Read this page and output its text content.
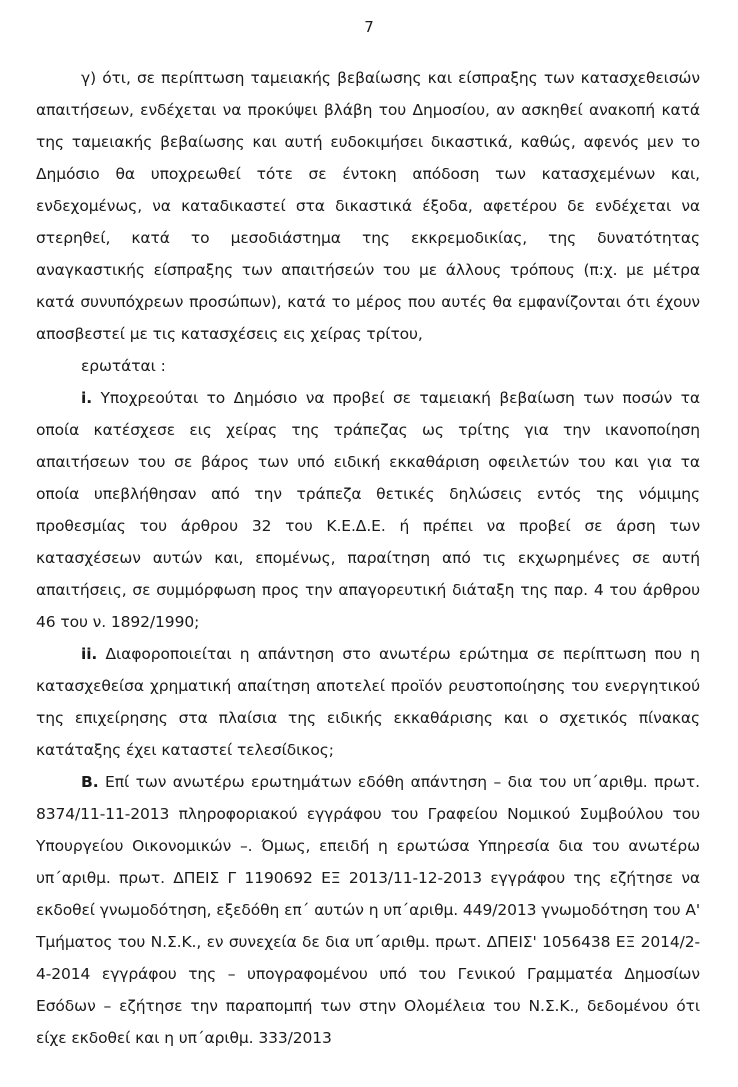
7

γ) ότι, σε περίπτωση ταμειακής βεβαίωσης και είσπραξης των κατασχεθεισών απαιτήσεων, ενδέχεται να προκύψει βλάβη του Δημοσίου, αν ασκηθεί ανακοπή κατά της ταμειακής βεβαίωσης και αυτή ευδοκιμήσει δικαστικά, καθώς, αφενός μεν το Δημόσιο θα υποχρεωθεί τότε σε έντοκη απόδοση των κατασχεμένων και, ενδεχομένως, να καταδικαστεί στα δικαστικά έξοδα, αφετέρου δε ενδέχεται να στερηθεί, κατά το μεσοδιάστημα της εκκρεμοδικίας, της δυνατότητας αναγκαστικής είσπραξης των απαιτήσεών του με άλλους τρόπους (π:χ. με μέτρα κατά συνυπόχρεων προσώπων), κατά το μέρος που αυτές θα εμφανίζονται ότι έχουν αποσβεστεί με τις κατασχέσεις εις χείρας τρίτου,

ερωτάται :

i. Υποχρεούται το Δημόσιο να προβεί σε ταμειακή βεβαίωση των ποσών τα οποία κατέσχεσε εις χείρας της τράπεζας ως τρίτης για την ικανοποίηση απαιτήσεων του σε βάρος των υπό ειδική εκκαθάριση οφειλετών του και για τα οποία υπεβλήθησαν από την τράπεζα θετικές δηλώσεις εντός της νόμιμης προθεσμίας του άρθρου 32 του Κ.Ε.Δ.Ε. ή πρέπει να προβεί σε άρση των κατασχέσεων αυτών και, επομένως, παραίτηση από τις εκχωρημένες σε αυτή απαιτήσεις, σε συμμόρφωση προς την απαγορευτική διάταξη της παρ. 4 του άρθρου 46 του ν. 1892/1990;

ii. Διαφοροποιείται η απάντηση στο ανωτέρω ερώτημα σε περίπτωση που η κατασχεθείσα χρηματική απαίτηση αποτελεί προϊόν ρευστοποίησης του ενεργητικού της επιχείρησης στα πλαίσια της ειδικής εκκαθάρισης και ο σχετικός πίνακας κατάταξης έχει καταστεί τελεσίδικος;

B. Επί των ανωτέρω ερωτημάτων εδόθη απάντηση – δια του υπ΄αριθμ. πρωτ. 8374/11-11-2013 πληροφοριακού εγγράφου του Γραφείου Νομικού Συμβούλου του Υπουργείου Οικονομικών –. Όμως, επειδή η ερωτώσα Υπηρεσία δια του ανωτέρω υπ΄αριθμ. πρωτ. ΔΠΕΙΣ Γ 1190692 ΕΞ 2013/11-12-2013 εγγράφου της εζήτησε να εκδοθεί γνωμοδότηση, εξεδόθη επ΄ αυτών η υπ΄αριθμ. 449/2013 γνωμοδότηση του Α' Τμήματος του Ν.Σ.Κ., εν συνεχεία δε δια υπ΄αριθμ. πρωτ. ΔΠΕΙΣ' 1056438 ΕΞ 2014/2-4-2014 εγγράφου της – υπογραφομένου υπό του Γενικού Γραμματέα Δημοσίων Εσόδων – εζήτησε την παραπομπή των στην Ολομέλεια του Ν.Σ.Κ., δεδομένου ότι είχε εκδοθεί και η υπ΄αριθμ. 333/2013
